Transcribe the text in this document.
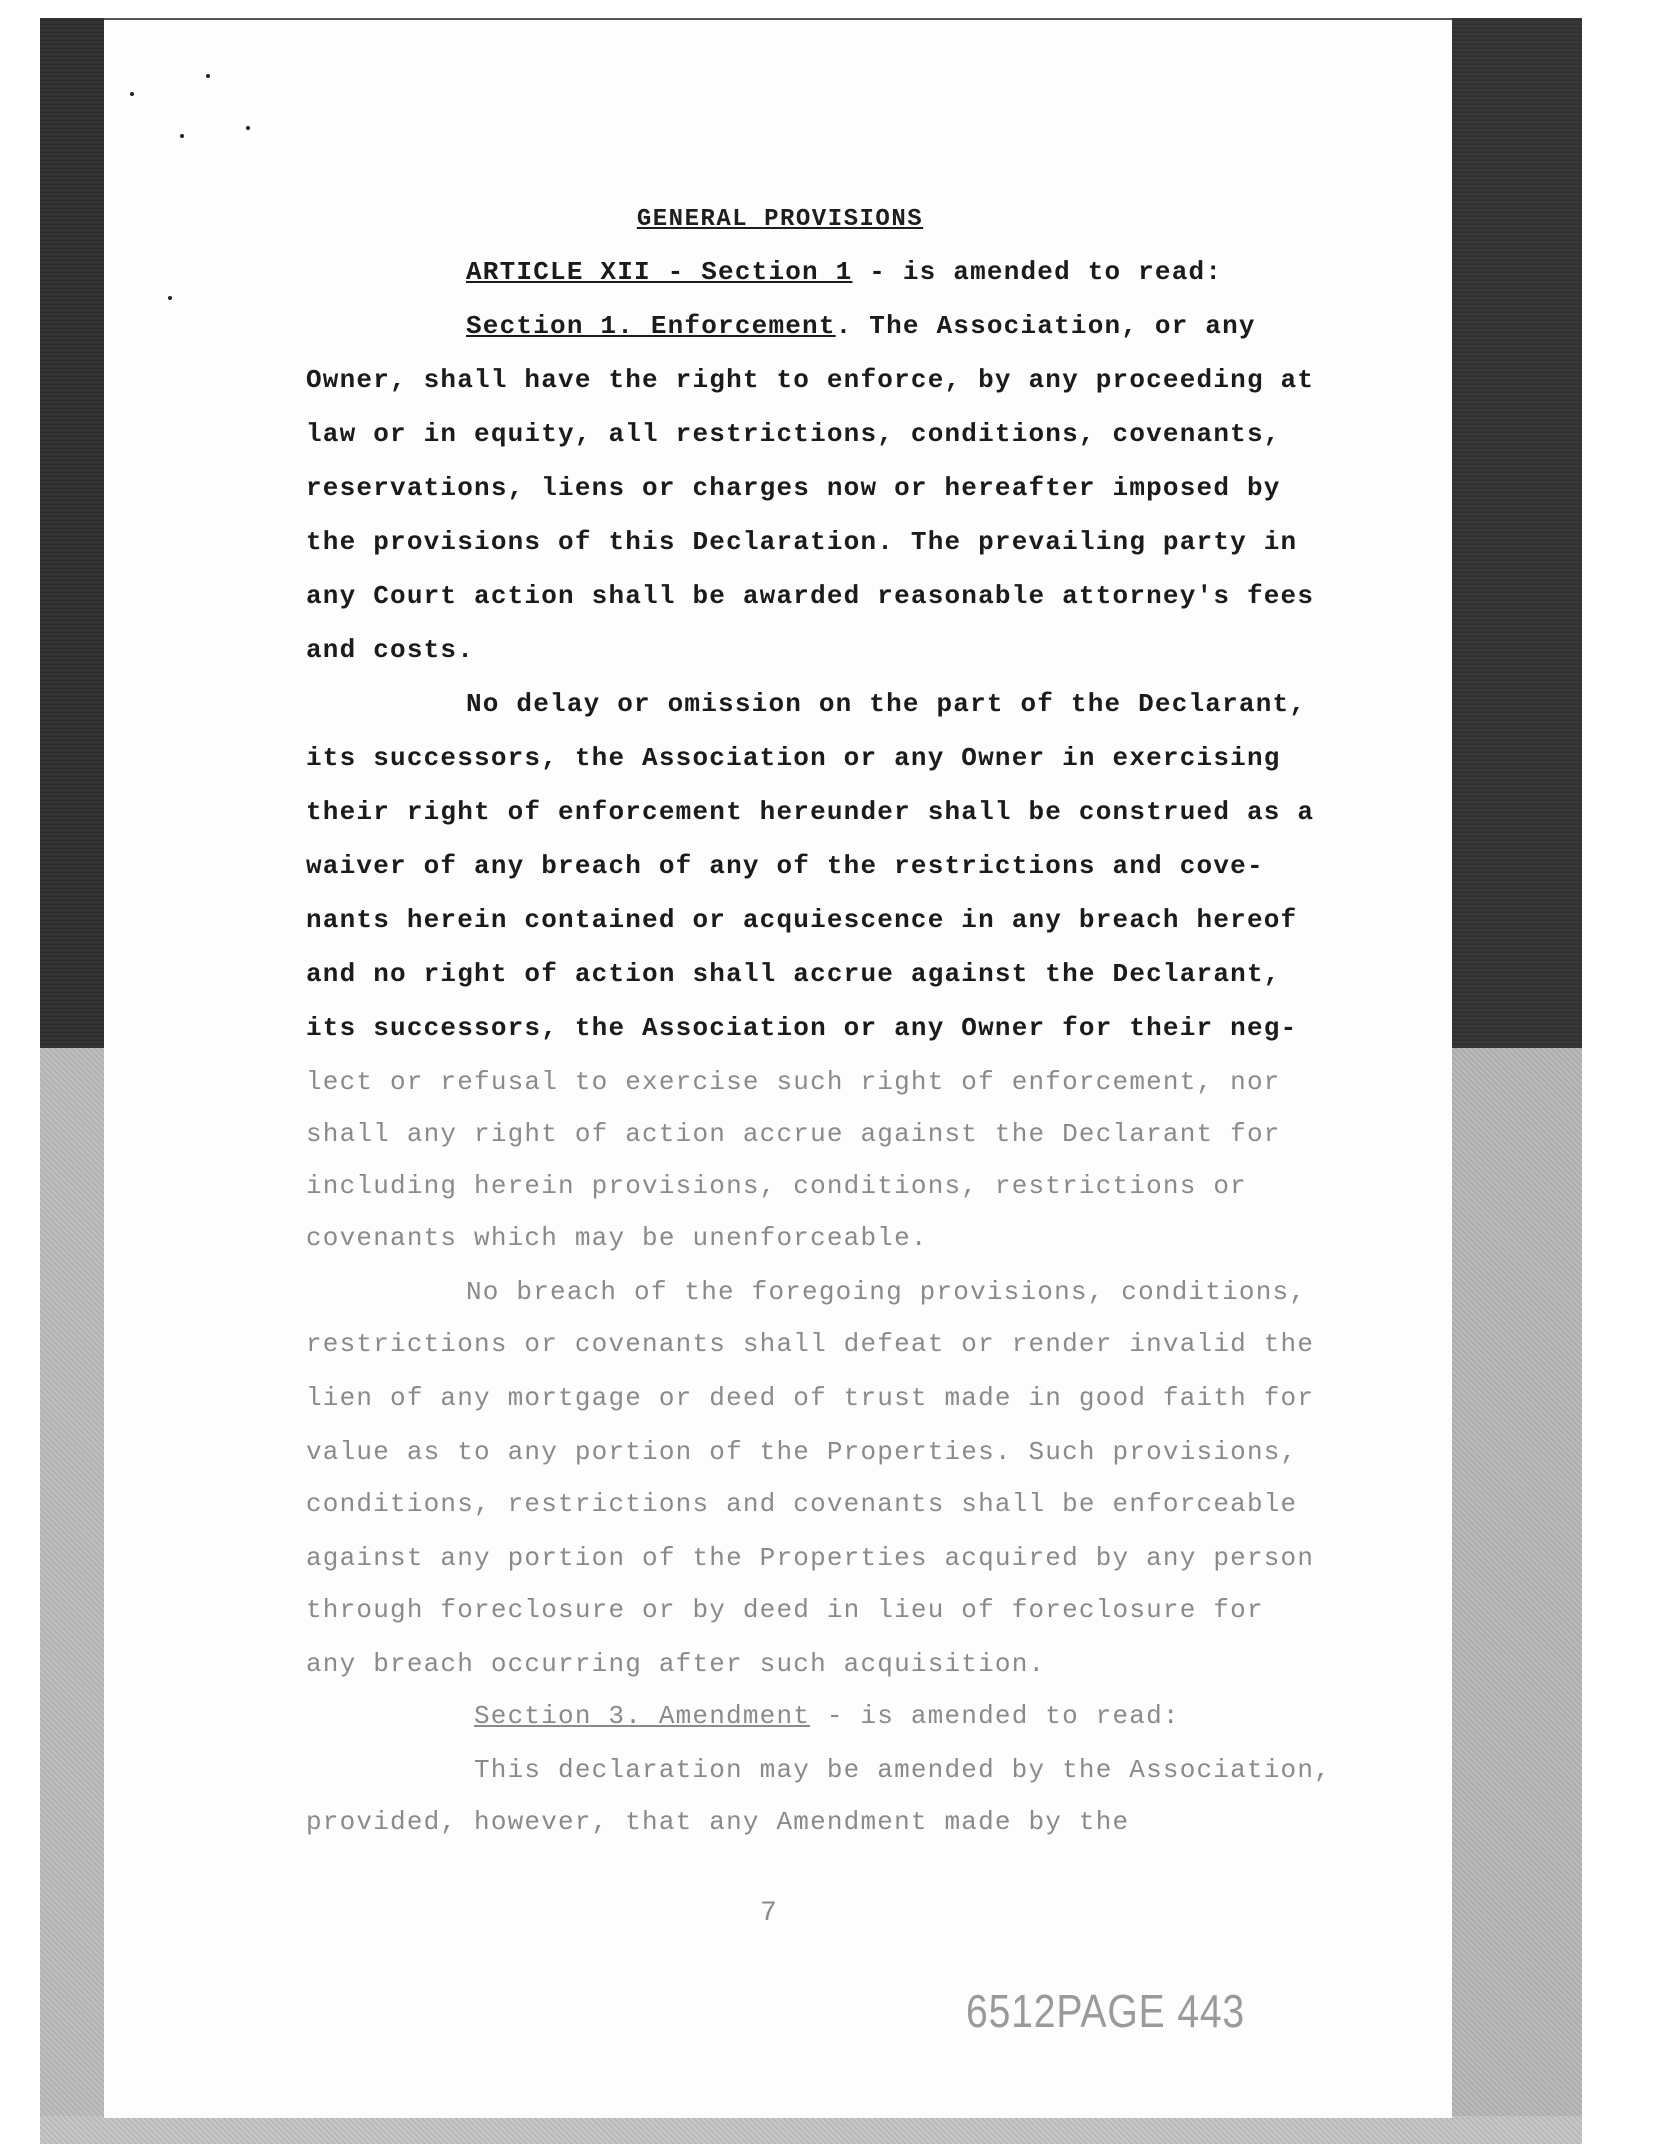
GENERAL PROVISIONS
ARTICLE XII - Section 1 - is amended to read:
Section 1. Enforcement. The Association, or any
Owner, shall have the right to enforce, by any proceeding at
law or in equity, all restrictions, conditions, covenants,
reservations, liens or charges now or hereafter imposed by
the provisions of this Declaration. The prevailing party in
any Court action shall be awarded reasonable attorney's fees
and costs.
No delay or omission on the part of the Declarant,
its successors, the Association or any Owner in exercising
their right of enforcement hereunder shall be construed as a
waiver of any breach of any of the restrictions and cove-
nants herein contained or acquiescence in any breach hereof
and no right of action shall accrue against the Declarant,
its successors, the Association or any Owner for their neg-
lect or refusal to exercise such right of enforcement, nor
shall any right of action accrue against the Declarant for
including herein provisions, conditions, restrictions or
covenants which may be unenforceable.
No breach of the foregoing provisions, conditions,
restrictions or covenants shall defeat or render invalid the
lien of any mortgage or deed of trust made in good faith for
value as to any portion of the Properties. Such provisions,
conditions, restrictions and covenants shall be enforceable
against any portion of the Properties acquired by any person
through foreclosure or by deed in lieu of foreclosure for
any breach occurring after such acquisition.
Section 3. Amendment - is amended to read:
This declaration may be amended by the Association,
provided, however, that any Amendment made by the
7
6512PAGE 443
